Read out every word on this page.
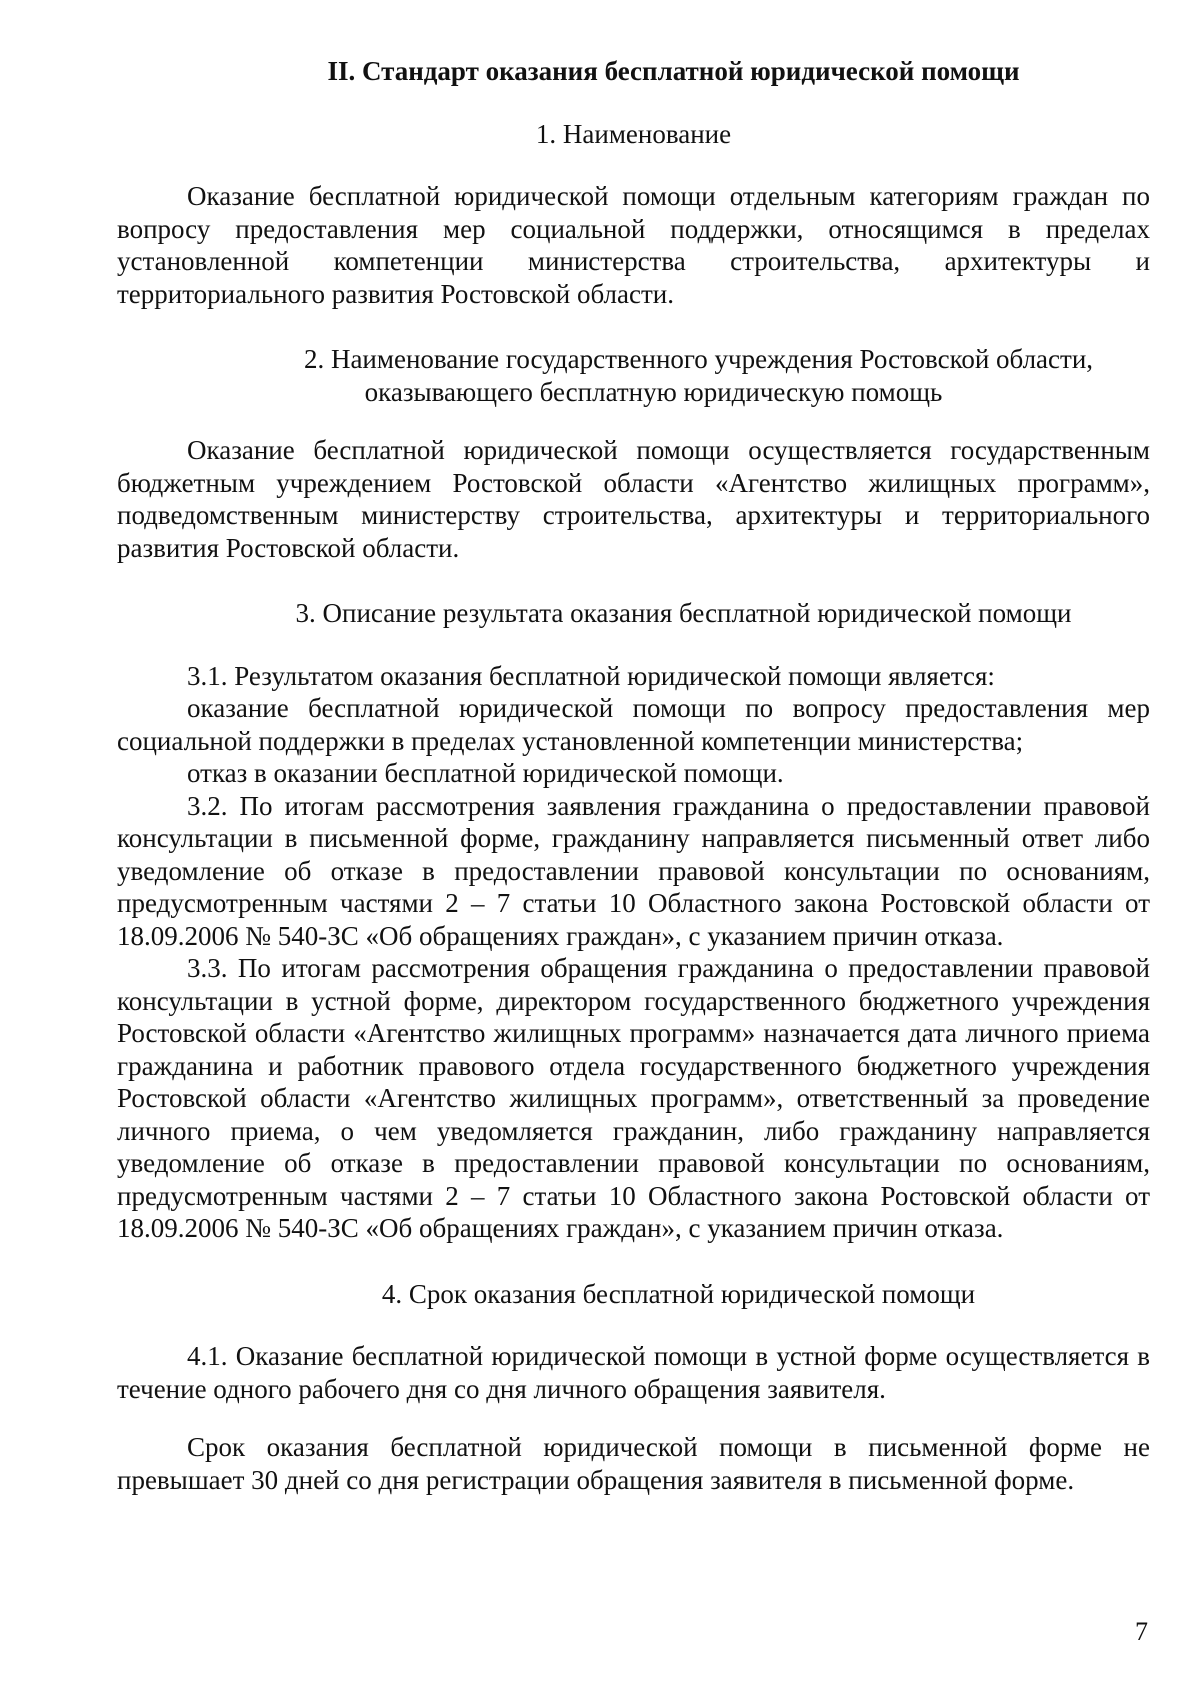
II. Стандарт оказания бесплатной юридической помощи
1. Наименование

Оказание бесплатной юридической помощи отдельным категориям граждан по вопросу предоставления мер социальной поддержки, относящимся в пределах установленной компетенции министерства строительства, архитектуры и территориального развития Ростовской области.

2. Наименование государственного учреждения Ростовской области,
оказывающего бесплатную юридическую помощь

Оказание бесплатной юридической помощи осуществляется государственным бюджетным учреждением Ростовской области «Агентство жилищных программ», подведомственным министерству строительства, архитектуры и территориального развития Ростовской области.

3. Описание результата оказания бесплатной юридической помощи

3.1. Результатом оказания бесплатной юридической помощи является:

оказание бесплатной юридической помощи по вопросу предоставления мер социальной поддержки в пределах установленной компетенции министерства;

отказ в оказании бесплатной юридической помощи.

3.2. По итогам рассмотрения заявления гражданина о предоставлении правовой консультации в письменной форме, гражданину направляется письменный ответ либо уведомление об отказе в предоставлении правовой консультации по основаниям, предусмотренным частями 2 – 7 статьи 10 Областного закона Ростовской области от 18.09.2006 № 540-ЗС «Об обращениях граждан», с указанием причин отказа.

3.3. По итогам рассмотрения обращения гражданина о предоставлении правовой консультации в устной форме, директором государственного бюджетного учреждения Ростовской области «Агентство жилищных программ» назначается дата личного приема гражданина и работник правового отдела государственного бюджетного учреждения Ростовской области «Агентство жилищных программ», ответственный за проведение личного приема, о чем уведомляется гражданин, либо гражданину направляется уведомление об отказе в предоставлении правовой консультации по основаниям, предусмотренным частями 2 – 7 статьи 10 Областного закона Ростовской области от 18.09.2006 № 540-ЗС «Об обращениях граждан», с указанием причин отказа.

4. Срок оказания бесплатной юридической помощи

4.1. Оказание бесплатной юридической помощи в устной форме осуществляется в течение одного рабочего дня со дня личного обращения заявителя.

Срок оказания бесплатной юридической помощи в письменной форме не превышает 30 дней со дня регистрации обращения заявителя в письменной форме.

7
